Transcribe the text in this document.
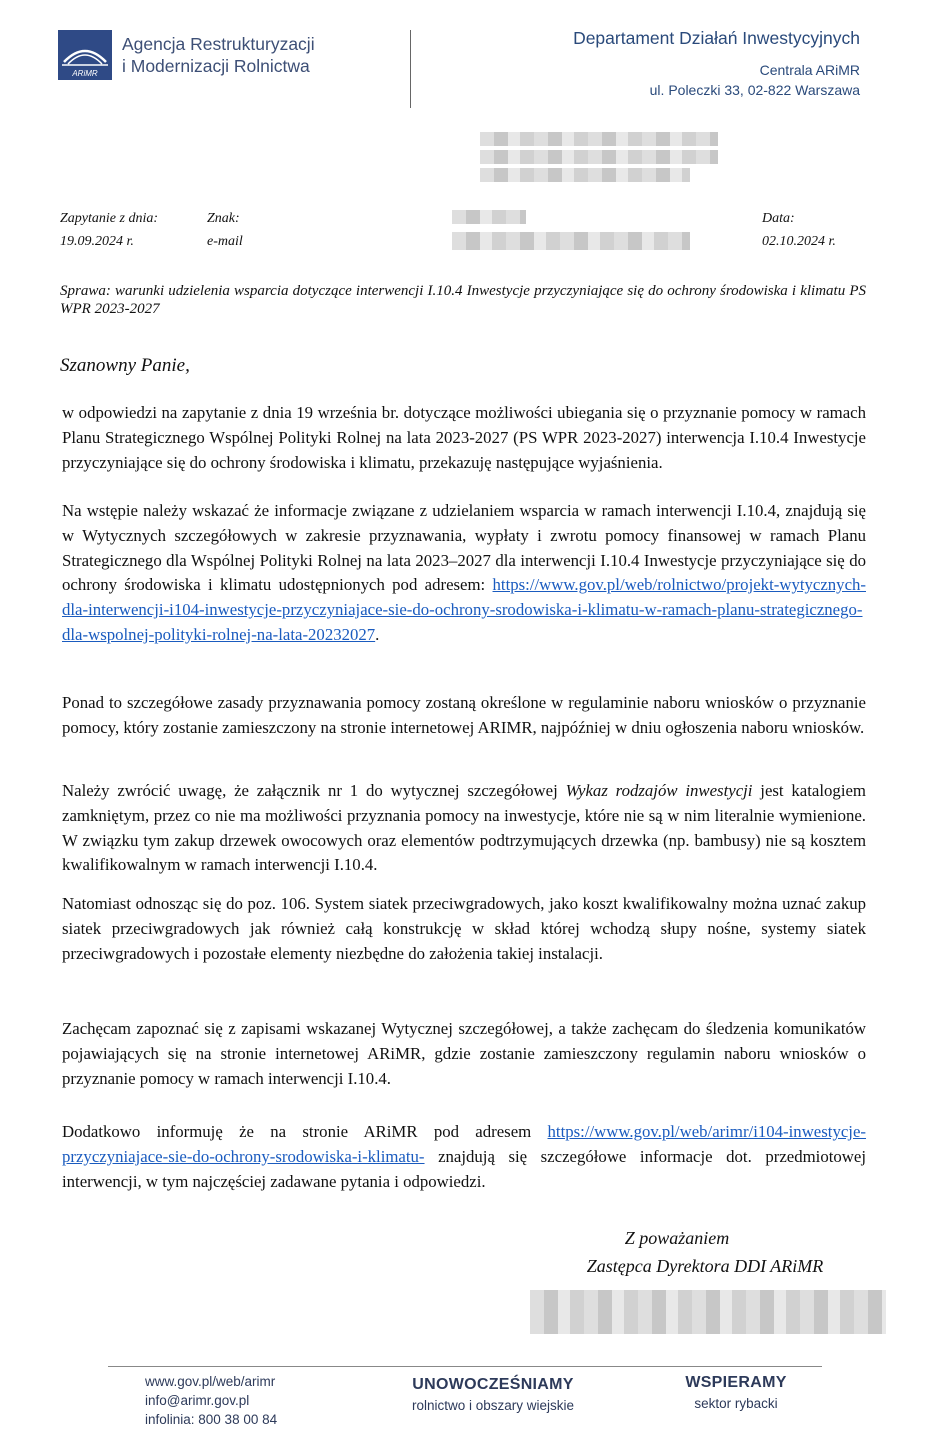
ARiMR
Agencja Restrukturyzacji
i Modernizacji Rolnictwa
Departament Działań Inwestycyjnych
Centrala ARiMR
ul. Poleczki 33, 02-822 Warszawa
Zapytanie z dnia:
19.09.2024 r.
Znak:
e-mail
Data:
02.10.2024 r.
Sprawa: warunki udzielenia wsparcia dotyczące interwencji I.10.4 Inwestycje przyczyniające się do ochrony środowiska i klimatu PS WPR 2023-2027
Szanowny Panie,
w odpowiedzi na zapytanie z dnia 19 września br. dotyczące możliwości ubiegania się o przyznanie pomocy w ramach Planu Strategicznego Wspólnej Polityki Rolnej na lata 2023-2027 (PS WPR 2023-2027) interwencja I.10.4 Inwestycje przyczyniające się do ochrony środowiska i klimatu, przekazuję następujące wyjaśnienia.
Na wstępie należy wskazać że informacje związane z udzielaniem wsparcia w ramach interwencji I.10.4, znajdują się w Wytycznych szczegółowych w zakresie przyznawania, wypłaty i zwrotu pomocy finansowej w ramach Planu Strategicznego dla Wspólnej Polityki Rolnej na lata 2023–2027 dla interwencji I.10.4 Inwestycje przyczyniające się do ochrony środowiska i klimatu udostępnionych pod adresem: https://www.gov.pl/web/rolnictwo/projekt-wytycznych-dla-interwencji-i104-inwestycje-przyczyniajace-sie-do-ochrony-srodowiska-i-klimatu-w-ramach-planu-strategicznego-dla-wspolnej-polityki-rolnej-na-lata-20232027.
Ponad to szczegółowe zasady przyznawania pomocy zostaną określone w regulaminie naboru wniosków o przyznanie pomocy, który zostanie zamieszczony na stronie internetowej ARIMR, najpóźniej w dniu ogłoszenia naboru wniosków.
Należy zwrócić uwagę, że załącznik nr 1 do wytycznej szczegółowej Wykaz rodzajów inwestycji jest katalogiem zamkniętym, przez co nie ma możliwości przyznania pomocy na inwestycje, które nie są w nim literalnie wymienione. W związku tym zakup drzewek owocowych oraz elementów podtrzymujących drzewka (np. bambusy) nie są kosztem kwalifikowalnym w ramach interwencji I.10.4.
Natomiast odnosząc się do poz. 106. System siatek przeciwgradowych, jako koszt kwalifikowalny można uznać zakup siatek przeciwgradowych jak również całą konstrukcję w skład której wchodzą słupy nośne, systemy siatek przeciwgradowych i pozostałe elementy niezbędne do założenia takiej instalacji.
Zachęcam zapoznać się z zapisami wskazanej Wytycznej szczegółowej, a także zachęcam do śledzenia komunikatów pojawiających się na stronie internetowej ARiMR, gdzie zostanie zamieszczony regulamin naboru wniosków o przyznanie pomocy w ramach interwencji I.10.4.
Dodatkowo informuję że na stronie ARiMR pod adresem https://www.gov.pl/web/arimr/i104-inwestycje-przyczyniajace-sie-do-ochrony-srodowiska-i-klimatu- znajdują się szczegółowe informacje dot. przedmiotowej interwencji, w tym najczęściej zadawane pytania i odpowiedzi.
Z poważaniem
Zastępca Dyrektora DDI ARiMR
www.gov.pl/web/arimr
info@arimr.gov.pl
infolinia: 800 38 00 84
UNOWOCZEŚNIAMY
rolnictwo i obszary wiejskie
WSPIERAMY
sektor rybacki
